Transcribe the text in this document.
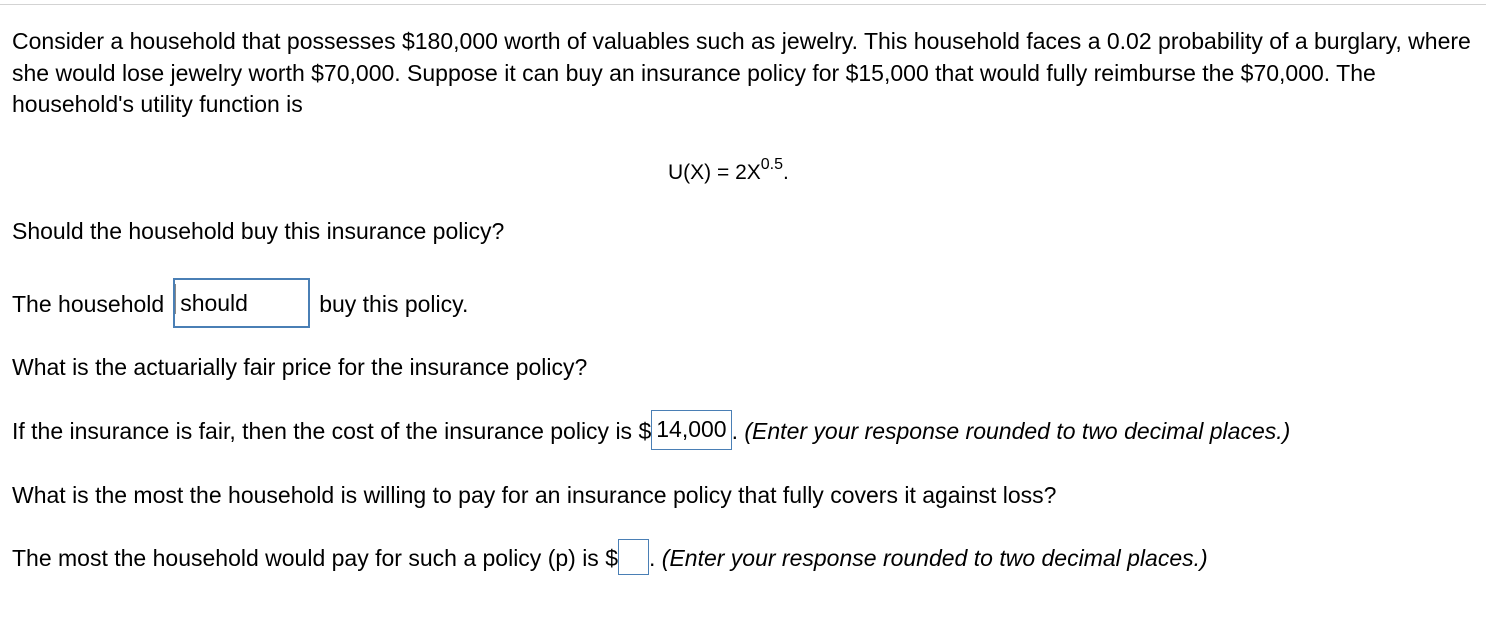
Consider a household that possesses $180,000 worth of valuables such as jewelry. This household faces a 0.02 probability of a burglary, where she would lose jewelry worth $70,000. Suppose it can buy an insurance policy for $15,000 that would fully reimburse the $70,000. The household's utility function is

$U(X) = 2X^{0.5}$.
Should the household buy this insurance policy?
The household should	buy this policy.
What is the actuarially fair price for the insurance policy?
If the insurance is fair, then the cost of the insurance policy is $ 14,000 . (Enter your response rounded to two decimal places.)
What is the most the household is willing to pay for an insurance policy that fully covers it against loss?
The most the household would pay for such a policy (p) is $ . (Enter your response rounded to two decimal places.)
